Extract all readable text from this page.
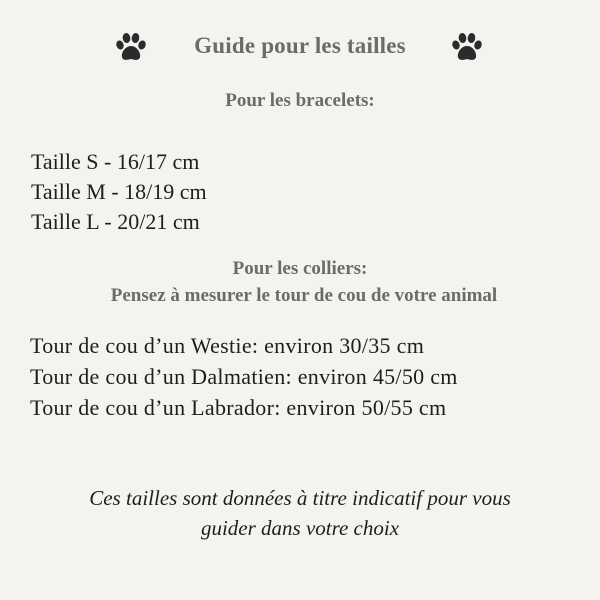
Guide pour les tailles
Pour les bracelets:
Taille S - 16/17 cm
Taille M - 18/19 cm
Taille L - 20/21 cm
Pour les colliers:
Pensez à mesurer le tour de cou de votre animal
Tour de cou d’un Westie: environ 30/35 cm
Tour de cou d’un Dalmatien: environ 45/50 cm
Tour de cou d’un Labrador: environ 50/55 cm
Ces tailles sont données à titre indicatif pour vous
guider dans votre choix
